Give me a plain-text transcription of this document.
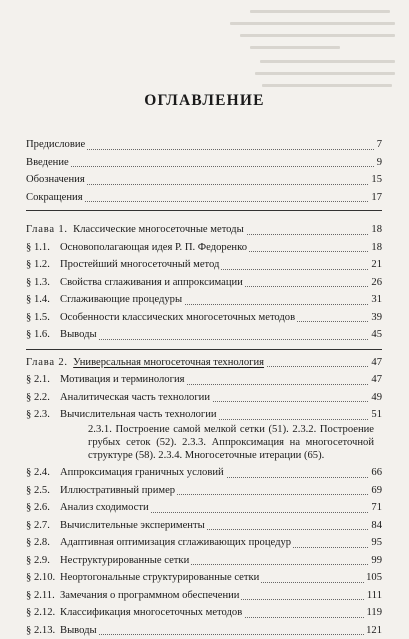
ОГЛАВЛЕНИЕ
Предисловие	7
Введение	9
Обозначения	15
Сокращения	17
Глава 1. Классические многосеточные методы	18
§ 1.1. Основополагающая идея Р. П. Федоренко	18
§ 1.2. Простейший многосеточный метод	21
§ 1.3. Свойства сглаживания и аппроксимации	26
§ 1.4. Сглаживающие процедуры	31
§ 1.5. Особенности классических многосеточных методов	39
§ 1.6. Выводы	45
Глава 2. Универсальная многосеточная технология	47
§ 2.1. Мотивация и терминология	47
§ 2.2. Аналитическая часть технологии	49
§ 2.3. Вычислительная часть технологии	51
2.3.1. Построение самой мелкой сетки (51). 2.3.2. Построение грубых сеток (52). 2.3.3. Аппроксимация на многосеточной структуре (58). 2.3.4. Многосеточные итерации (65).
§ 2.4. Аппроксимация граничных условий	66
§ 2.5. Иллюстративный пример	69
§ 2.6. Анализ сходимости	71
§ 2.7. Вычислительные эксперименты	84
§ 2.8. Адаптивная оптимизация сглаживающих процедур	95
§ 2.9. Неструктурированные сетки	99
§ 2.10. Неортогональные структурированные сетки	105
§ 2.11. Замечания о программном обеспечении	111
§ 2.12. Классификация многосеточных методов	119
§ 2.13. Выводы	121
